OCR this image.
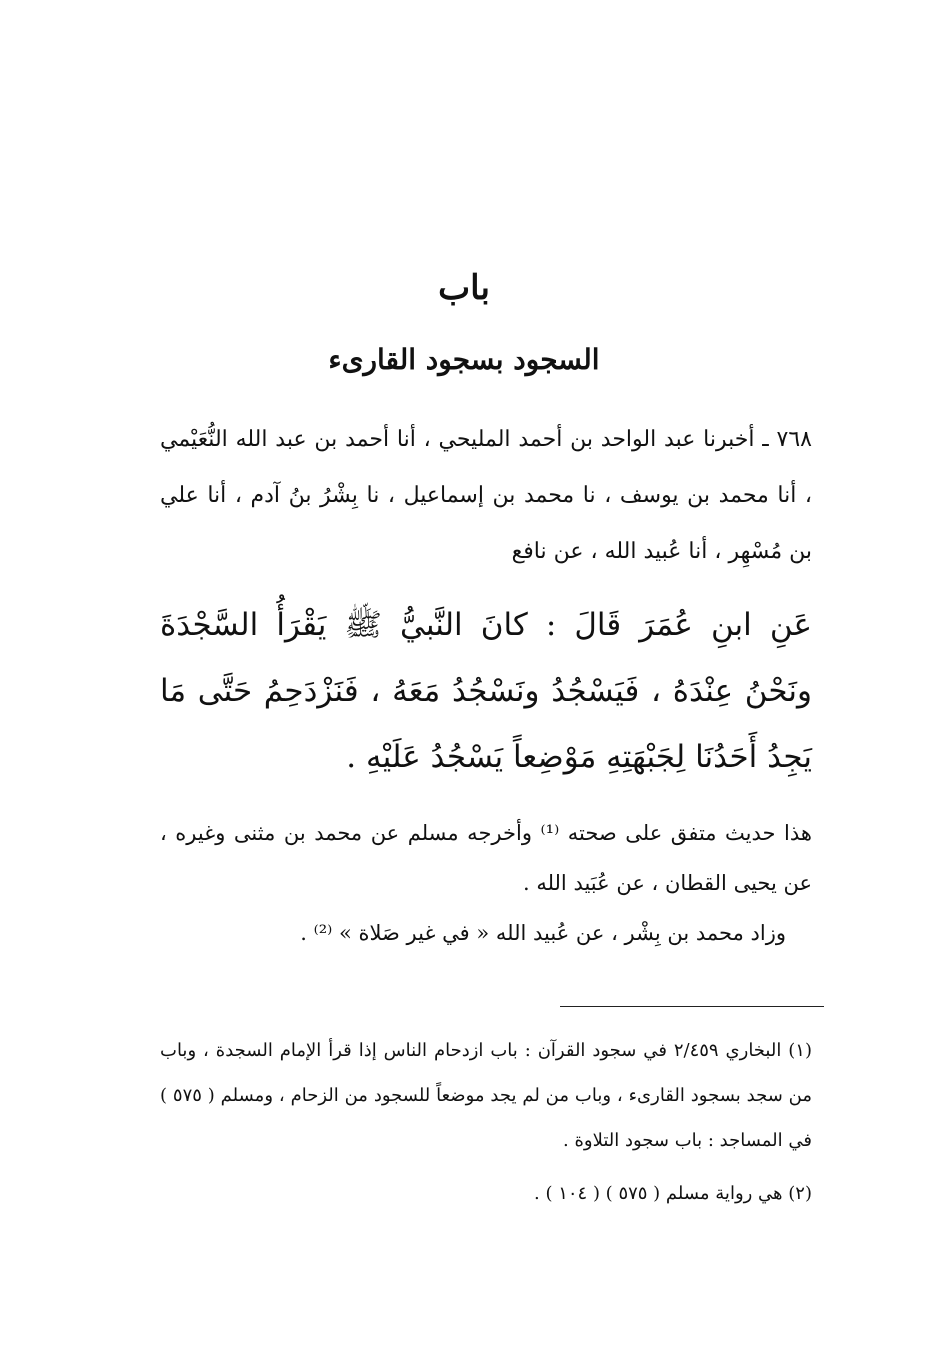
باب
السجود بسجود القارىء
٧٦٨ ـ أخبرنا عبد الواحد بن أحمد المليحي ، أنا أحمد بن عبد الله النُّعَيْمي ، أنا محمد بن يوسف ، نا محمد بن إسماعيل ، نا بِشْرُ بنُ آدم ، أنا علي بن مُسْهِر ، أنا عُبيد الله ، عن نافع
عَنِ ابنِ عُمَرَ قَالَ : كانَ النَّبيُّ ﷺ يَقْرَأُ السَّجْدَةَ ونَحْنُ عِنْدَهُ ، فَيَسْجُدُ ونَسْجُدُ مَعَهُ ، فَنَزْدَحِمُ حَتَّى مَا يَجِدُ أَحَدُنَا لِجَبْهَتِهِ مَوْضِعاً يَسْجُدُ عَلَيْهِ .

هذا حديث متفق على صحته ⁽¹⁾ وأخرجه مسلم عن محمد بن مثنى وغيره ، عن يحيى القطان ، عن عُبَيد الله .

وزاد محمد بن بِشْر ، عن عُبيد الله « في غير صَلاة » ⁽²⁾ .

(١) البخاري ٢/٤٥٩ في سجود القرآن : باب ازدحام الناس إذا قرأ الإمام السجدة ، وباب من سجد بسجود القارىء ، وباب من لم يجد موضعاً للسجود من الزحام ، ومسلم ( ٥٧٥ ) في المساجد : باب سجود التلاوة .

(٢) هي رواية مسلم ( ٥٧٥ ) ( ١٠٤ ) .
